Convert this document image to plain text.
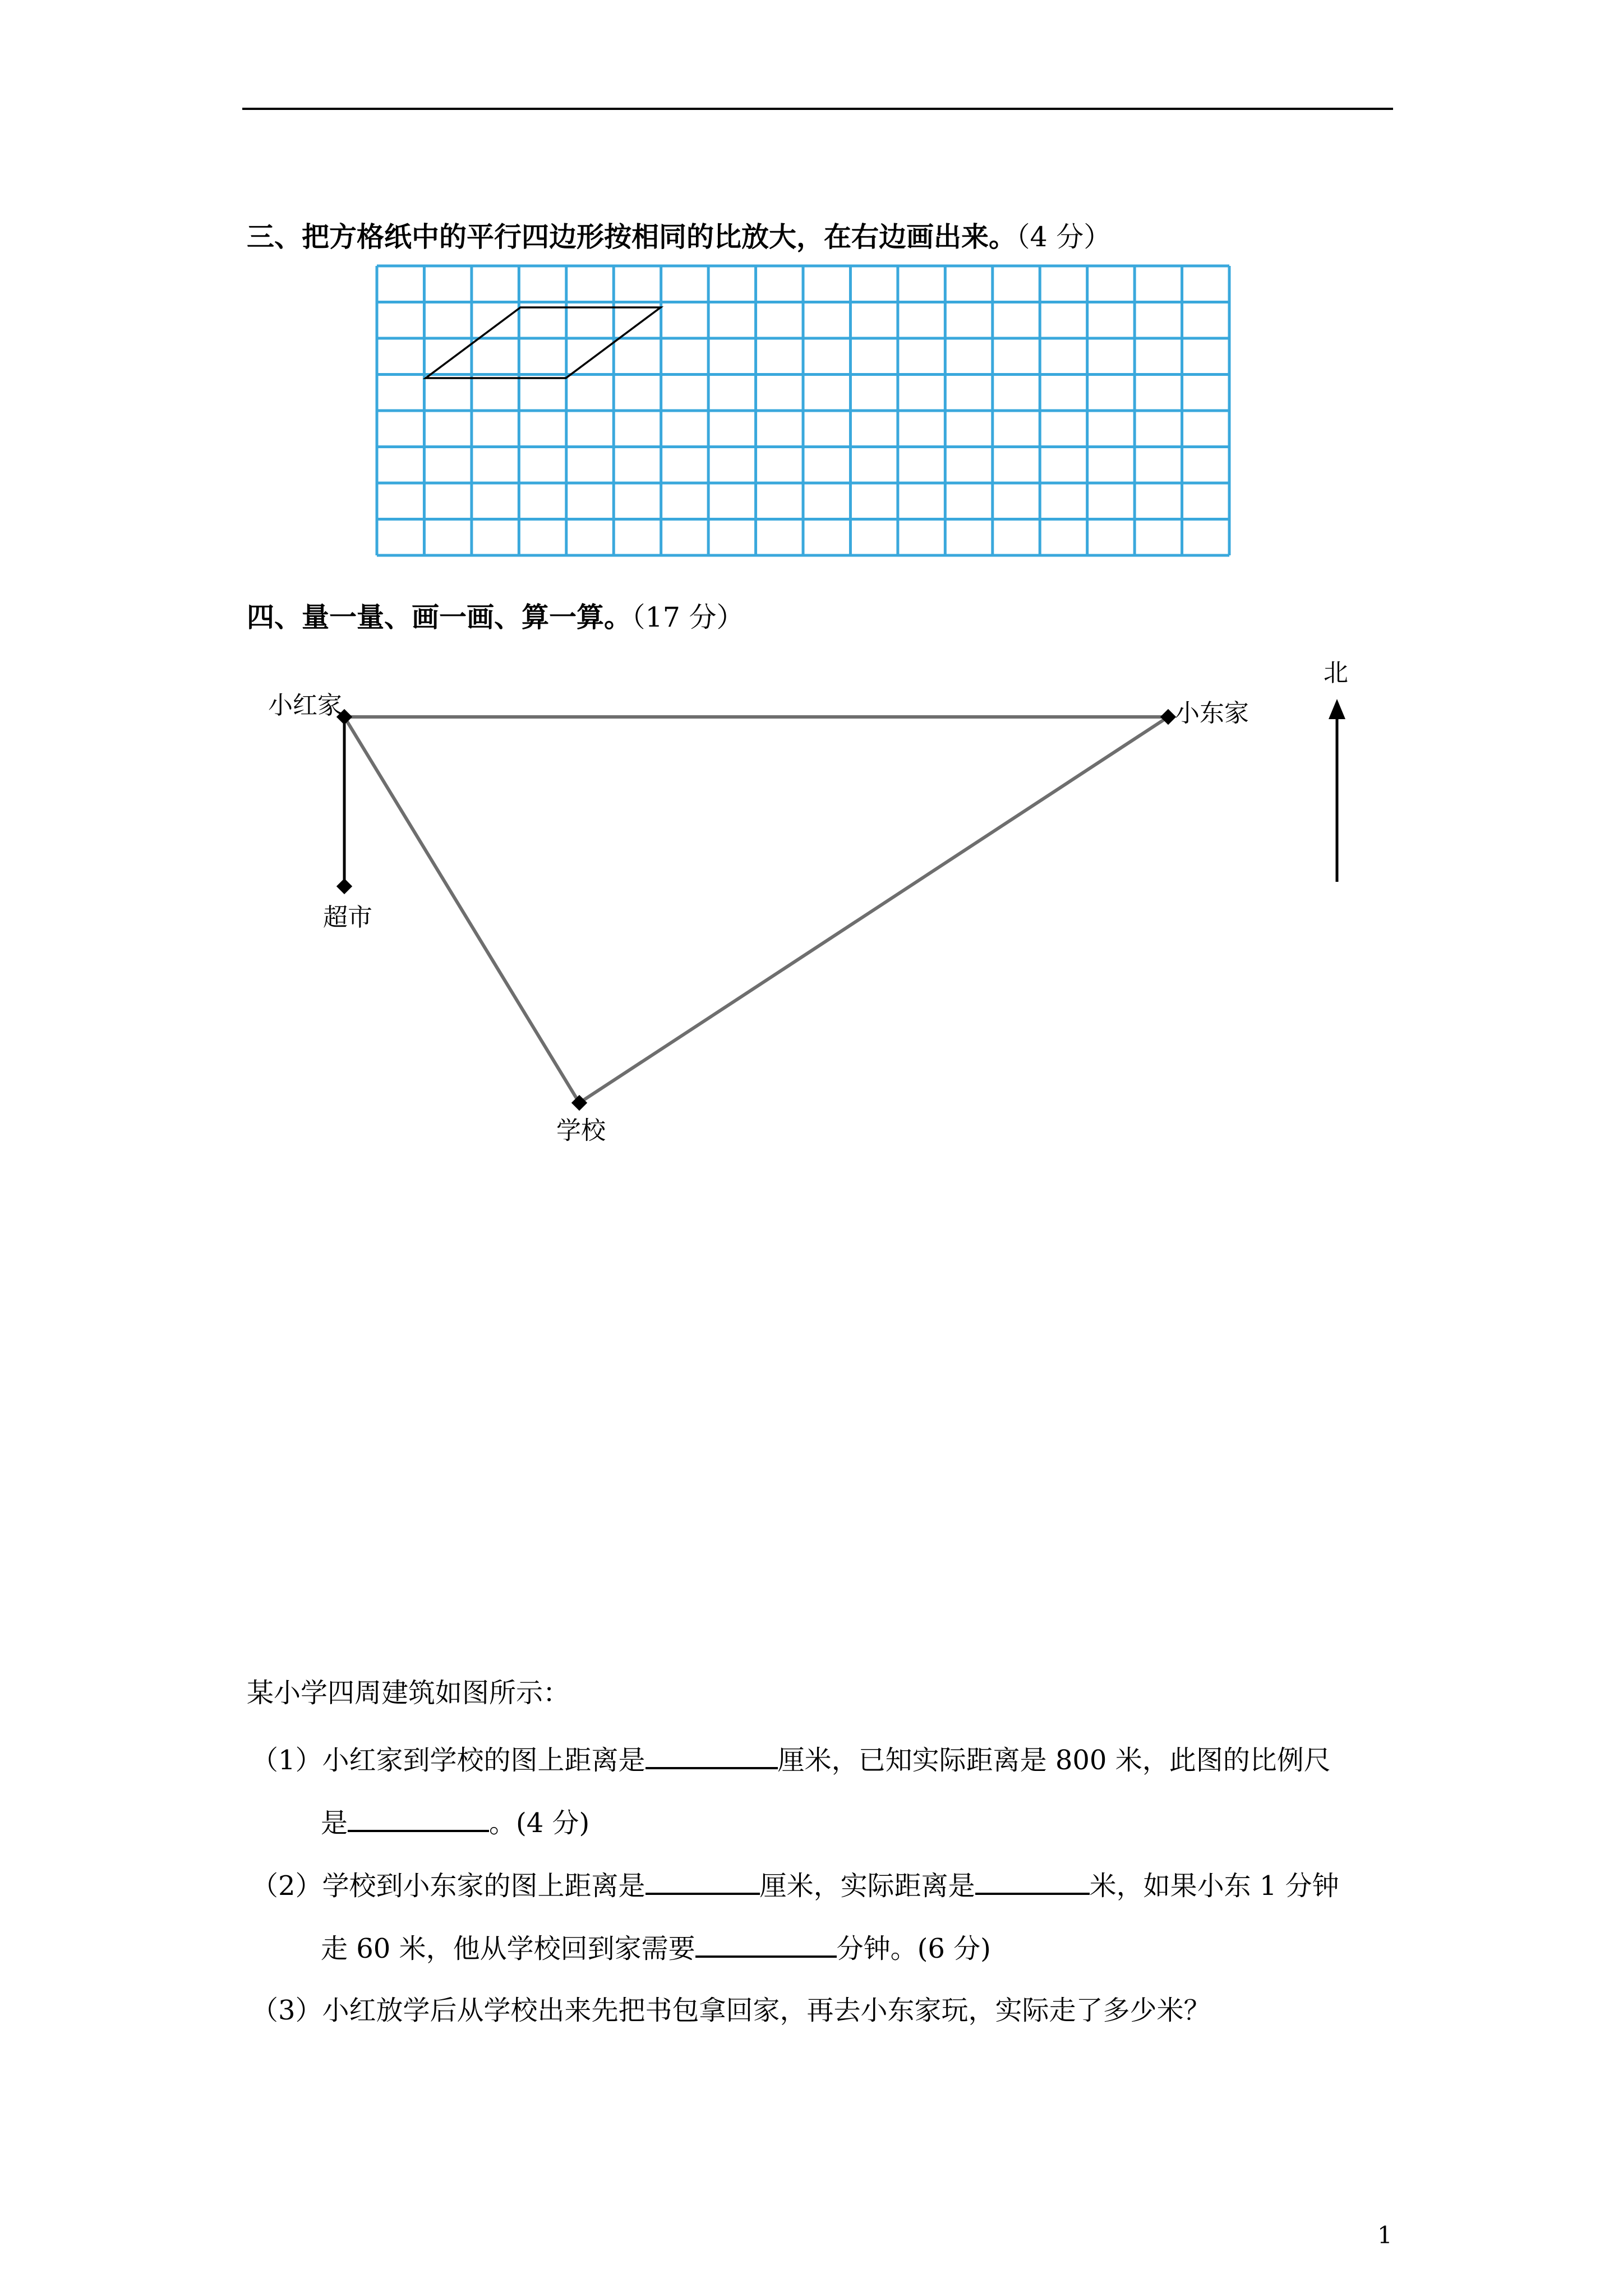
三、把方格纸中的平行四边形按相同的比放大，在右边画出来。（4 分）
四、量一量、画一画、算一算。（17 分）
小红家	小东家
超市
学校
北
某小学四周建筑如图所示：
（1）小红家到学校的图上距离是	厘米，已知实际距离是 800 米，此图的比例尺
是	。(4 分)
（2）学校到小东家的图上距离是	厘米，实际距离是	米，如果小东 1 分钟
走 60 米，他从学校回到家需要	分钟。(6 分)
（3）小红放学后从学校出来先把书包拿回家，再去小东家玩，实际走了多少米？
1
